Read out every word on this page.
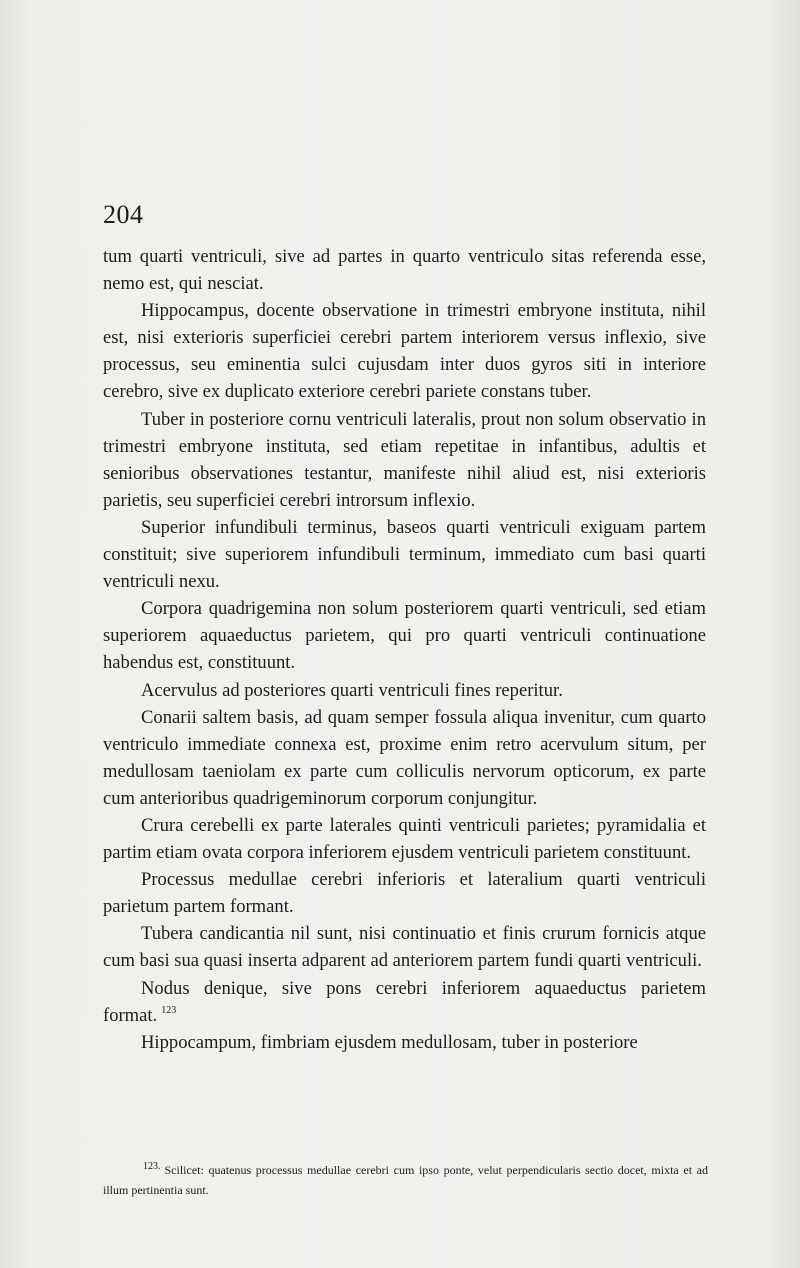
204

tum quarti ventriculi, sive ad partes in quarto ventriculo sitas referenda esse, nemo est, qui nesciat.

Hippocampus, docente observatione in trimestri embryone instituta, nihil est, nisi exterioris superficiei cerebri partem interiorem versus inflexio, sive processus, seu eminentia sulci cujusdam inter duos gyros siti in interiore cerebro, sive ex duplicato exteriore cerebri pariete constans tuber.

Tuber in posteriore cornu ventriculi lateralis, prout non solum observatio in trimestri embryone instituta, sed etiam repetitae in infantibus, adultis et senioribus observationes testantur, manifeste nihil aliud est, nisi exterioris parietis, seu superficiei cerebri introrsum inflexio.

Superior infundibuli terminus, baseos quarti ventriculi exiguam partem constituit; sive superiorem infundibuli terminum, immediato cum basi quarti ventriculi nexu.

Corpora quadrigemina non solum posteriorem quarti ventriculi, sed etiam superiorem aquaeductus parietem, qui pro quarti ventriculi continuatione habendus est, constituunt.

Acervulus ad posteriores quarti ventriculi fines reperitur.

Conarii saltem basis, ad quam semper fossula aliqua invenitur, cum quarto ventriculo immediate connexa est, proxime enim retro acervulum situm, per medullosam taeniolam ex parte cum colliculis nervorum opticorum, ex parte cum anterioribus quadrigeminorum corporum conjungitur.

Crura cerebelli ex parte laterales quinti ventriculi parietes; pyramidalia et partim etiam ovata corpora inferiorem ejusdem ventriculi parietem constituunt.

Processus medullae cerebri inferioris et lateralium quarti ventriculi parietum partem formant.

Tubera candicantia nil sunt, nisi continuatio et finis crurum fornicis atque cum basi sua quasi inserta adparent ad anteriorem partem fundi quarti ventriculi.

Nodus denique, sive pons cerebri inferiorem aquaeductus parietem format. $^{123}$

Hippocampum, fimbriam ejusdem medullosam, tuber in posteriore

$^{123.}$ Scilicet: quatenus processus medullae cerebri cum ipso ponte, velut perpendicularis sectio docet, mixta et ad illum pertinentia sunt.
